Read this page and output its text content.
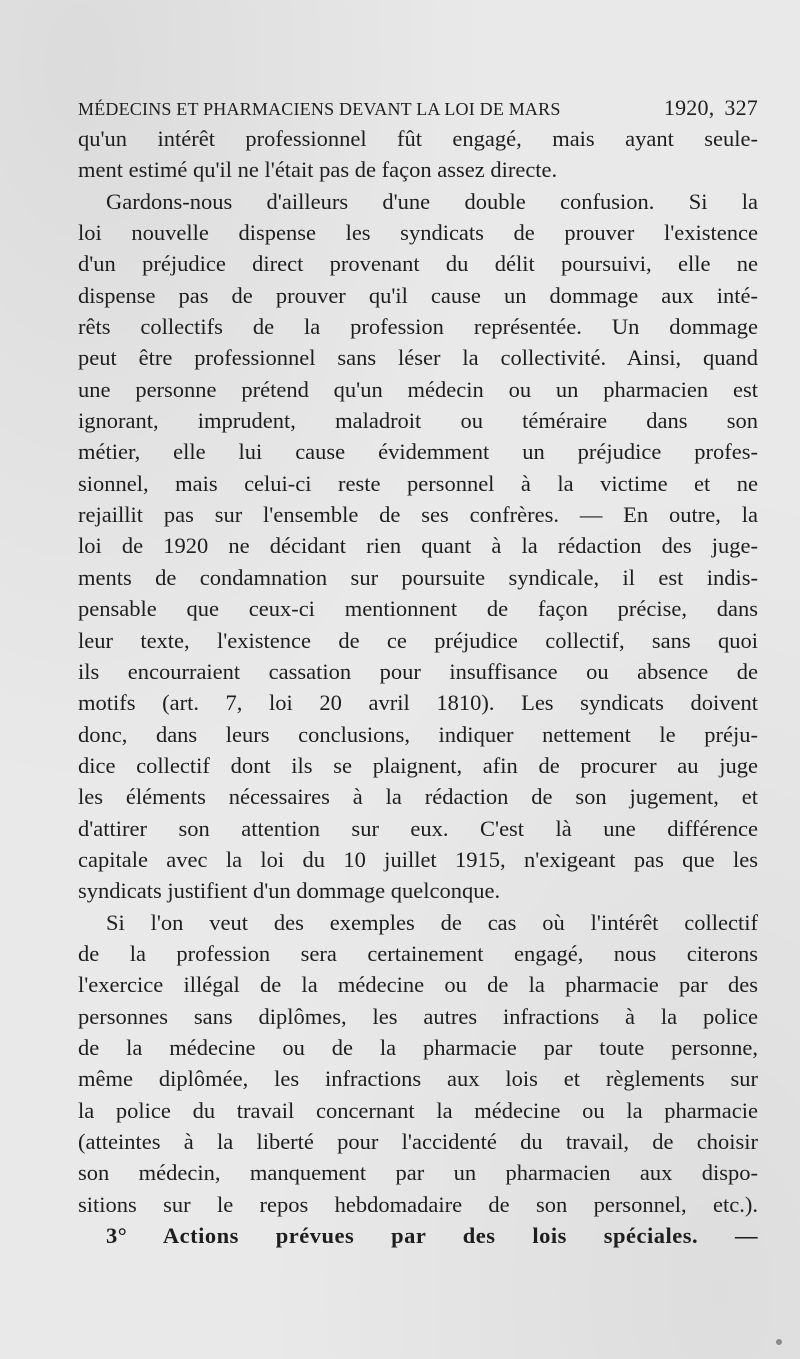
MÉDECINS ET PHARMACIENS DEVANT LA LOI DE MARS	1920, 327
qu'un intérêt professionnel fût engagé, mais ayant seule-
ment estimé qu'il ne l'était pas de façon assez directe.
Gardons-nous d'ailleurs d'une double confusion. Si la
loi nouvelle dispense les syndicats de prouver l'existence
d'un préjudice direct provenant du délit poursuivi, elle ne
dispense pas de prouver qu'il cause un dommage aux inté-
rêts collectifs de la profession représentée. Un dommage
peut être professionnel sans léser la collectivité. Ainsi, quand
une personne prétend qu'un médecin ou un pharmacien est
ignorant, imprudent, maladroit ou téméraire dans son
métier, elle lui cause évidemment un préjudice profes-
sionnel, mais celui-ci reste personnel à la victime et ne
rejaillit pas sur l'ensemble de ses confrères. — En outre, la
loi de 1920 ne décidant rien quant à la rédaction des juge-
ments de condamnation sur poursuite syndicale, il est indis-
pensable que ceux-ci mentionnent de façon précise, dans
leur texte, l'existence de ce préjudice collectif, sans quoi
ils encourraient cassation pour insuffisance ou absence de
motifs (art. 7, loi 20 avril 1810). Les syndicats doivent
donc, dans leurs conclusions, indiquer nettement le préju-
dice collectif dont ils se plaignent, afin de procurer au juge
les éléments nécessaires à la rédaction de son jugement, et
d'attirer son attention sur eux. C'est là une différence
capitale avec la loi du 10 juillet 1915, n'exigeant pas que les
syndicats justifient d'un dommage quelconque.
Si l'on veut des exemples de cas où l'intérêt collectif
de la profession sera certainement engagé, nous citerons
l'exercice illégal de la médecine ou de la pharmacie par des
personnes sans diplômes, les autres infractions à la police
de la médecine ou de la pharmacie par toute personne,
même diplômée, les infractions aux lois et règlements sur
la police du travail concernant la médecine ou la pharmacie
(atteintes à la liberté pour l'accidenté du travail, de choisir
son médecin, manquement par un pharmacien aux dispo-
sitions sur le repos hebdomadaire de son personnel, etc.).
3° Actions prévues par des lois spéciales. —
